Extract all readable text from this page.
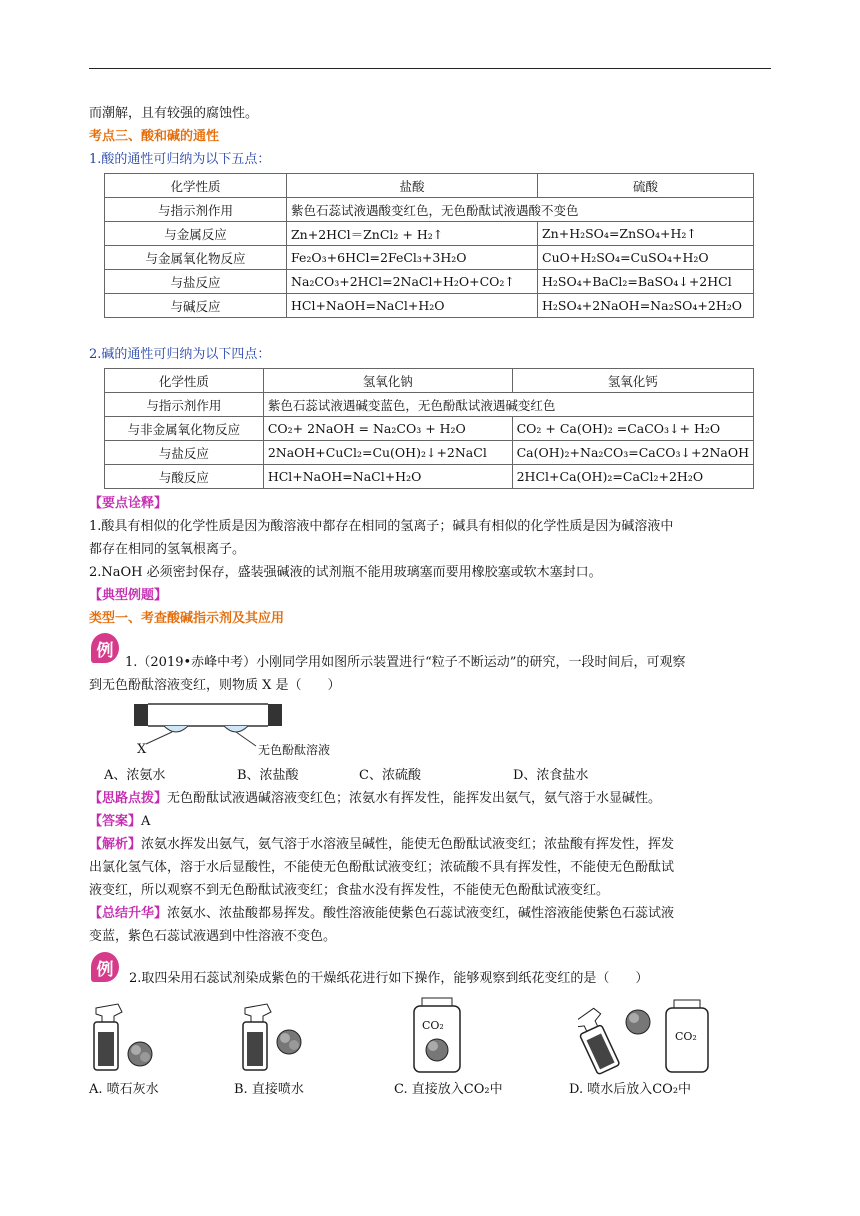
而潮解，且有较强的腐蚀性。
考点三、酸和碱的通性
1.酸的通性可归纳为以下五点：
化学性质	盐酸	硫酸
与指示剂作用	紫色石蕊试液遇酸变红色，无色酚酞试液遇酸不变色	
与金属反应	Zn+2HCl＝ZnCl₂ + H₂↑	Zn+H₂SO₄=ZnSO₄+H₂↑
与金属氧化物反应	Fe₂O₃+6HCl=2FeCl₃+3H₂O	CuO+H₂SO₄=CuSO₄+H₂O
与盐反应	Na₂CO₃+2HCl=2NaCl+H₂O+CO₂↑	H₂SO₄+BaCl₂=BaSO₄↓+2HCl
与碱反应	HCl+NaOH=NaCl+H₂O	H₂SO₄+2NaOH=Na₂SO₄+2H₂O
2.碱的通性可归纳为以下四点：
化学性质	氢氧化钠	氢氧化钙
与指示剂作用	紫色石蕊试液遇碱变蓝色，无色酚酞试液遇碱变红色	
与非金属氧化物反应	CO₂+ 2NaOH = Na₂CO₃ + H₂O	CO₂ + Ca(OH)₂ =CaCO₃↓+ H₂O
与盐反应	2NaOH+CuCl₂=Cu(OH)₂↓+2NaCl	Ca(OH)₂+Na₂CO₃=CaCO₃↓+2NaOH
与酸反应	HCl+NaOH=NaCl+H₂O	2HCl+Ca(OH)₂=CaCl₂+2H₂O
【要点诠释】
1.酸具有相似的化学性质是因为酸溶液中都存在相同的氢离子；碱具有相似的化学性质是因为碱溶液中
都存在相同的氢氧根离子。
2.NaOH 必须密封保存，盛装强碱液的试剂瓶不能用玻璃塞而要用橡胶塞或软木塞封口。
【典型例题】
类型一、考查酸碱指示剂及其应用
例
1.（2019•赤峰中考）小刚同学用如图所示装置进行“粒子不断运动”的研究，一段时间后，可观察
到无色酚酞溶液变红，则物质 X 是（　　）
X	无色酚酞溶液
A、浓氨水	B、浓盐酸	C、浓硫酸	D、浓食盐水
【思路点拨】无色酚酞试液遇碱溶液变红色；浓氨水有挥发性，能挥发出氨气，氨气溶于水显碱性。
【答案】A
【解析】浓氨水挥发出氨气，氨气溶于水溶液呈碱性，能使无色酚酞试液变红；浓盐酸有挥发性，挥发
出氯化氢气体，溶于水后显酸性，不能使无色酚酞试液变红；浓硫酸不具有挥发性，不能使无色酚酞试
液变红，所以观察不到无色酚酞试液变红；食盐水没有挥发性，不能使无色酚酞试液变红。
【总结升华】浓氨水、浓盐酸都易挥发。酸性溶液能使紫色石蕊试液变红，碱性溶液能使紫色石蕊试液
变蓝，紫色石蕊试液遇到中性溶液不变色。
例	2.取四朵用石蕊试剂染成紫色的干燥纸花进行如下操作，能够观察到纸花变红的是（　　）
CO₂
CO₂
A. 喷石灰水	B. 直接喷水	C. 直接放入CO₂中	D. 喷水后放入CO₂中
